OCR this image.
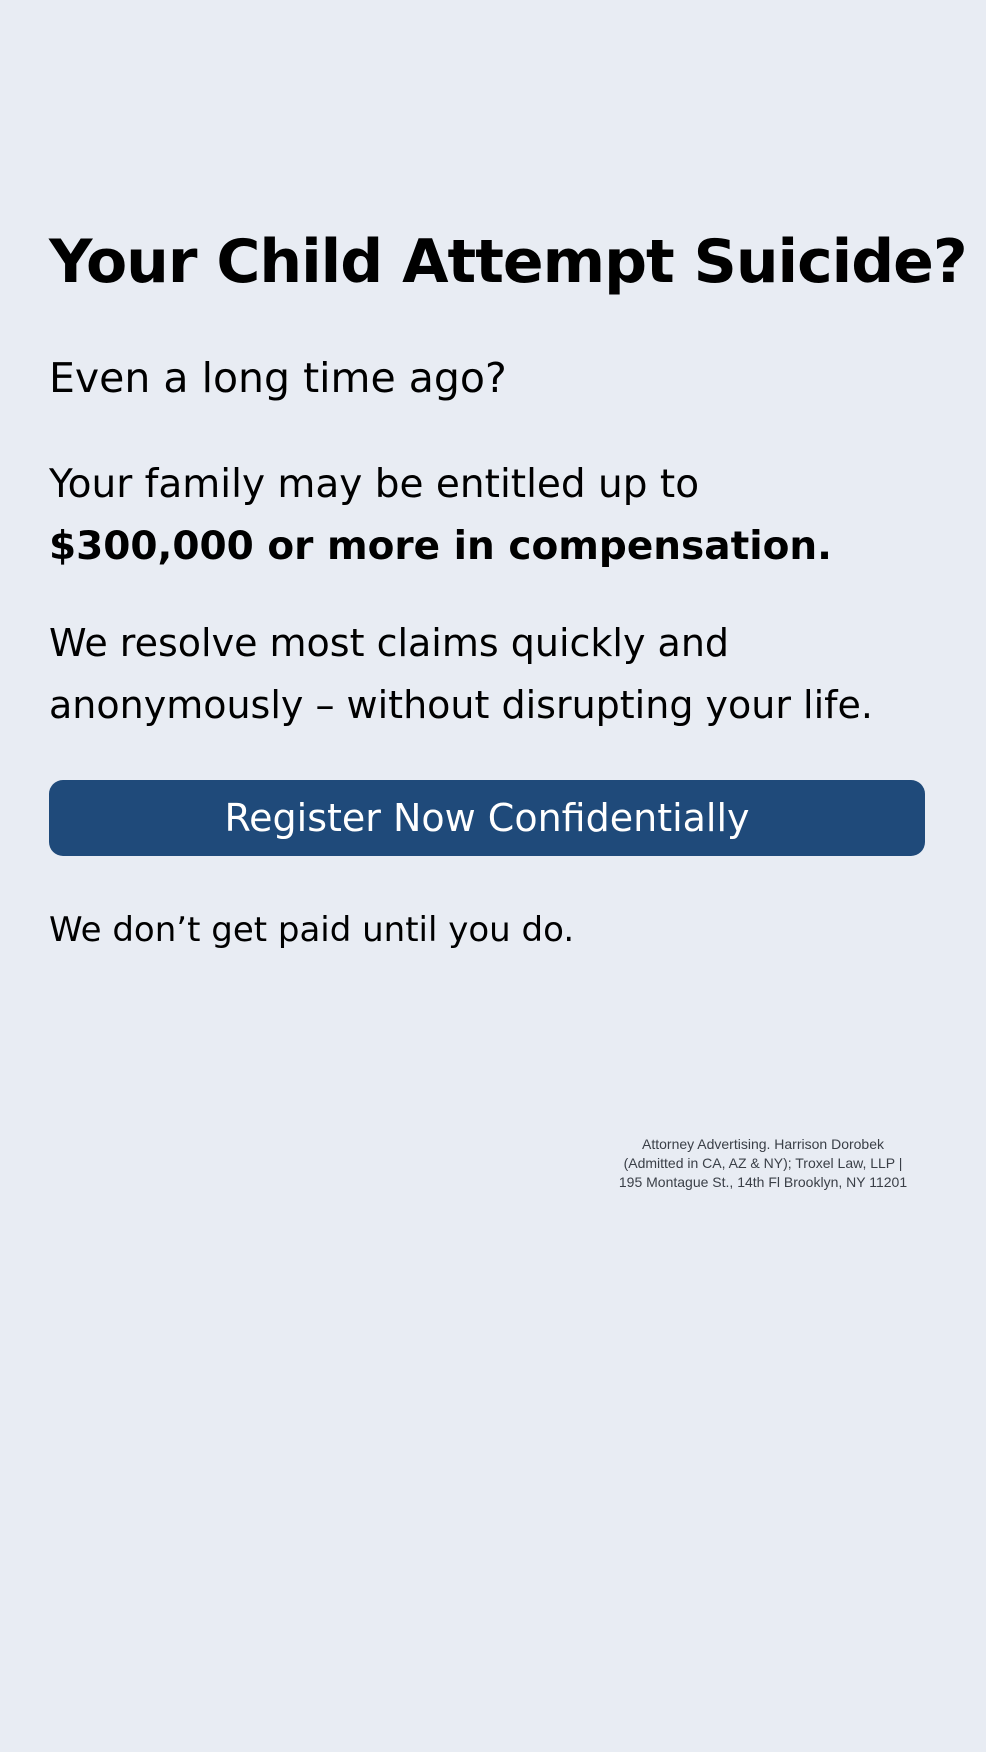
Your Child Attempt Suicide?

Even a long time ago?

Your family may be entitled up to
$300,000 or more in compensation.

We resolve most claims quickly and
anonymously – without disrupting your life.

Register Now Confidentially

We don’t get paid until you do.

Attorney Advertising. Harrison Dorobek
(Admitted in CA, AZ & NY); Troxel Law, LLP |
195 Montague St., 14th Fl Brooklyn, NY 11201
